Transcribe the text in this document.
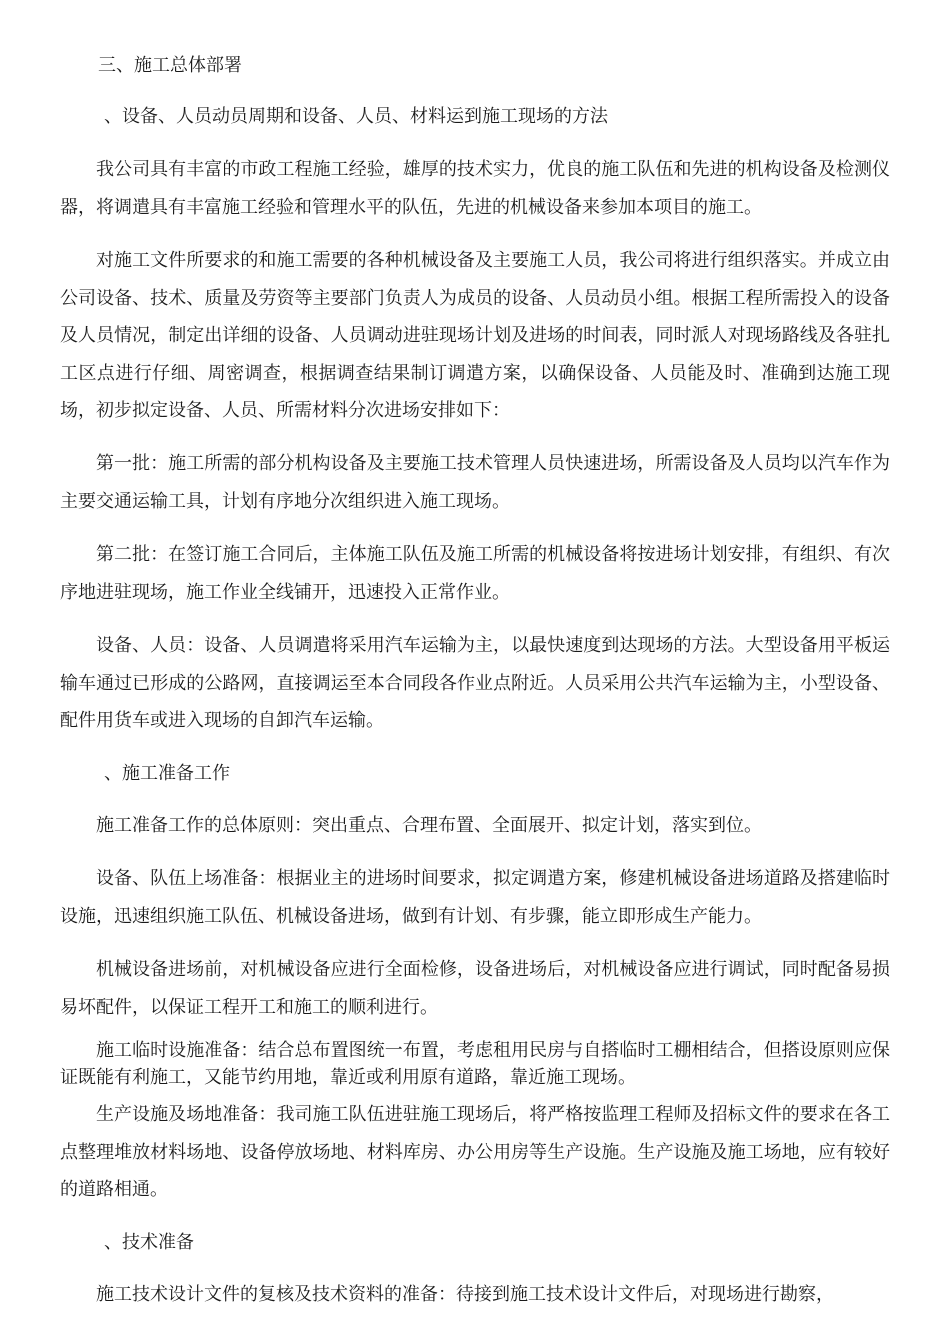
三、施工总体部署
、设备、人员动员周期和设备、人员、材料运到施工现场的方法

我公司具有丰富的市政工程施工经验，雄厚的技术实力，优良的施工队伍和先进的机构设备及检测仪器，将调遣具有丰富施工经验和管理水平的队伍，先进的机械设备来参加本项目的施工。

对施工文件所要求的和施工需要的各种机械设备及主要施工人员，我公司将进行组织落实。并成立由公司设备、技术、质量及劳资等主要部门负责人为成员的设备、人员动员小组。根据工程所需投入的设备及人员情况，制定出详细的设备、人员调动进驻现场计划及进场的时间表，同时派人对现场路线及各驻扎工区点进行仔细、周密调查，根据调查结果制订调遣方案，以确保设备、人员能及时、准确到达施工现场，初步拟定设备、人员、所需材料分次进场安排如下：

第一批：施工所需的部分机构设备及主要施工技术管理人员快速进场，所需设备及人员均以汽车作为主要交通运输工具，计划有序地分次组织进入施工现场。

第二批：在签订施工合同后，主体施工队伍及施工所需的机械设备将按进场计划安排，有组织、有次序地进驻现场，施工作业全线铺开，迅速投入正常作业。

设备、人员：设备、人员调遣将采用汽车运输为主，以最快速度到达现场的方法。大型设备用平板运输车通过已形成的公路网，直接调运至本合同段各作业点附近。人员采用公共汽车运输为主，小型设备、配件用货车或进入现场的自卸汽车运输。

、施工准备工作

施工准备工作的总体原则：突出重点、合理布置、全面展开、拟定计划，落实到位。

设备、队伍上场准备：根据业主的进场时间要求，拟定调遣方案，修建机械设备进场道路及搭建临时设施，迅速组织施工队伍、机械设备进场，做到有计划、有步骤，能立即形成生产能力。

机械设备进场前，对机械设备应进行全面检修，设备进场后，对机械设备应进行调试，同时配备易损易坏配件，以保证工程开工和施工的顺利进行。

施工临时设施准备：结合总布置图统一布置，考虑租用民房与自搭临时工棚相结合，但搭设原则应保证既能有利施工，又能节约用地，靠近或利用原有道路，靠近施工现场。

生产设施及场地准备：我司施工队伍进驻施工现场后，将严格按监理工程师及招标文件的要求在各工点整理堆放材料场地、设备停放场地、材料库房、办公用房等生产设施。生产设施及施工场地，应有较好的道路相通。

、技术准备

施工技术设计文件的复核及技术资料的准备：待接到施工技术设计文件后，对现场进行勘察，
